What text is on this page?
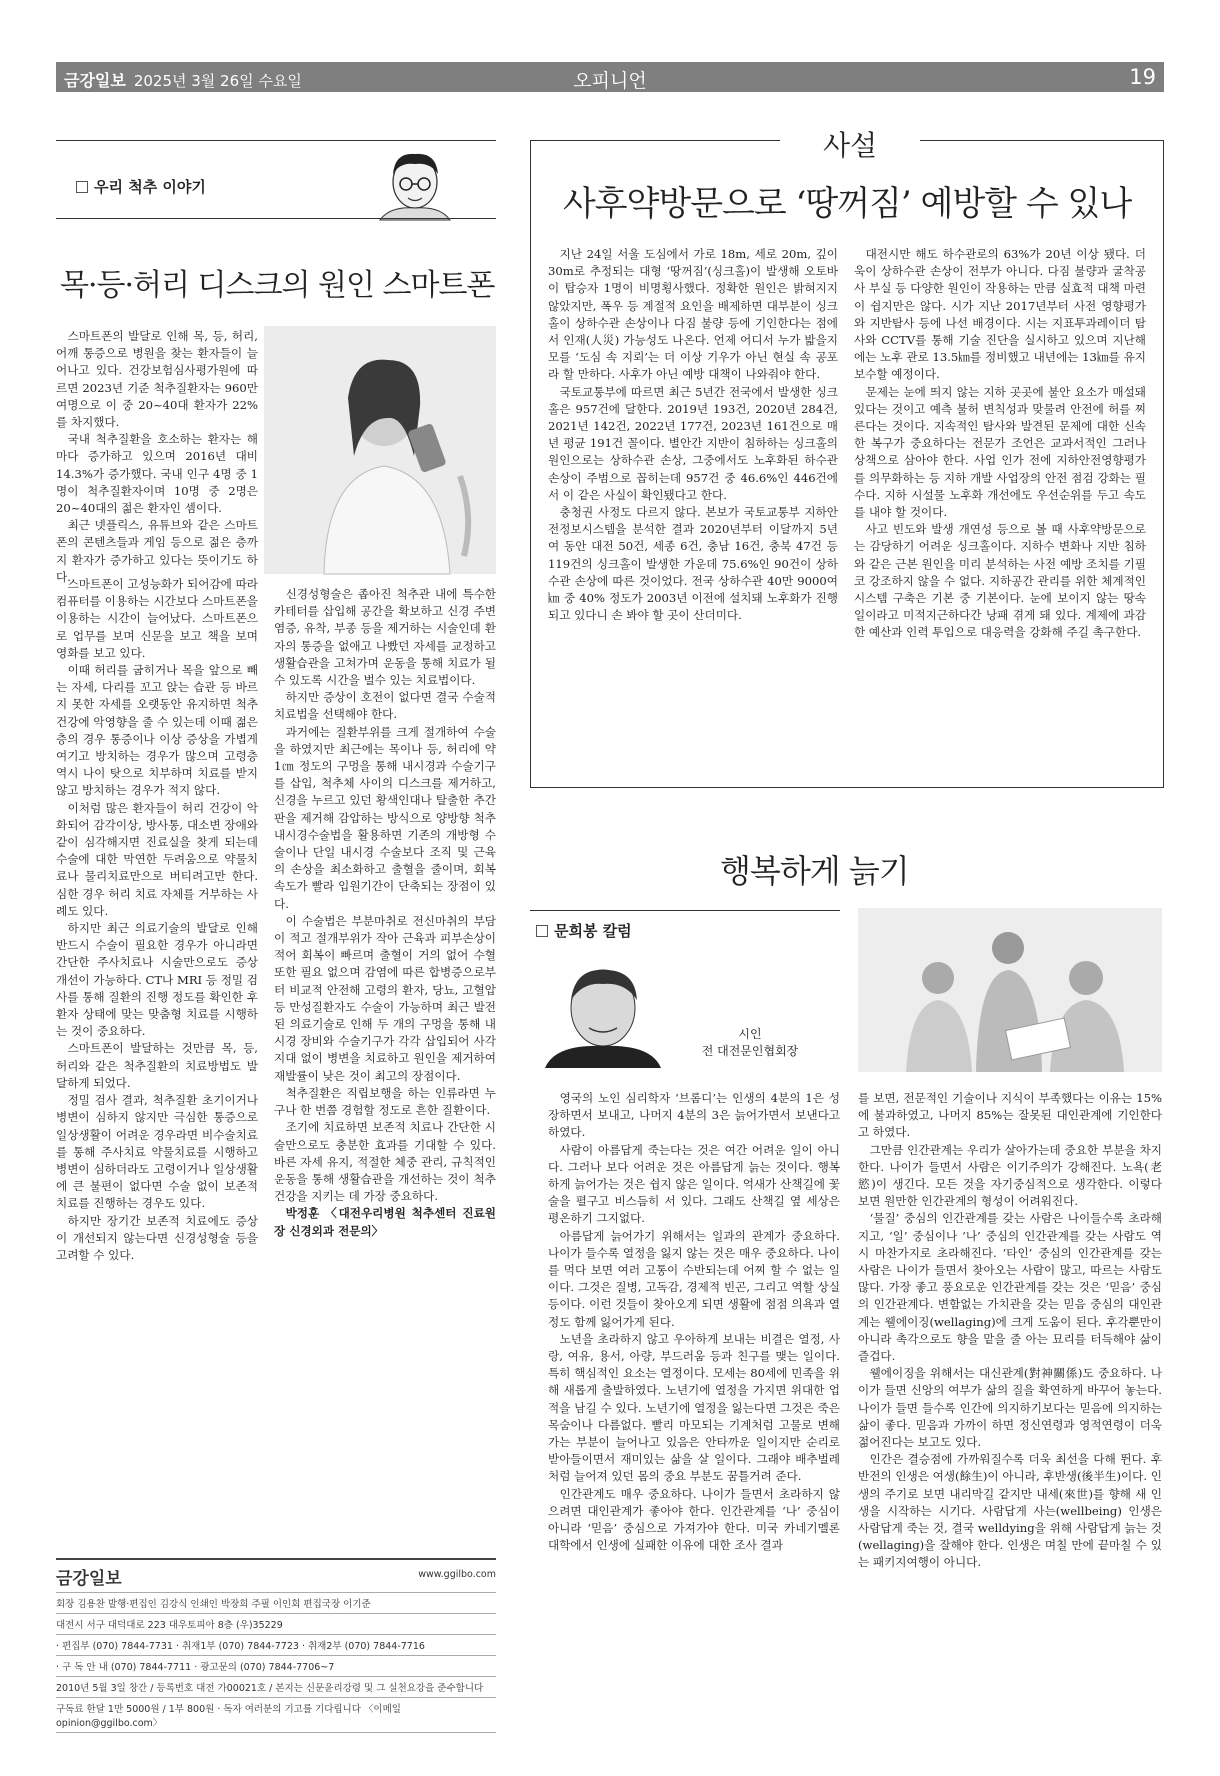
금강일보 2025년 3월 26일 수요일	오피니언	19
우리 척추 이야기
목·등·허리 디스크의 원인 스마트폰

스마트폰의 발달로 인해 목, 등, 허리, 어깨 통증으로 병원을 찾는 환자들이 늘어나고 있다. 건강보험심사평가원에 따르면 2023년 기준 척추질환자는 960만여명으로 이 중 20~40대 환자가 22%를 차지했다.

국내 척추질환을 호소하는 환자는 해마다 증가하고 있으며 2016년 대비 14.3%가 증가했다. 국내 인구 4명 중 1명이 척추질환자이며 10명 중 2명은 20~40대의 젊은 환자인 셈이다.

최근 넷플릭스, 유튜브와 같은 스마트폰의 콘텐츠들과 게임 등으로 젊은 층까지 환자가 증가하고 있다는 뜻이기도 하다.

스마트폰이 고성능화가 되어감에 따라 컴퓨터를 이용하는 시간보다 스마트폰을 이용하는 시간이 늘어났다. 스마트폰으로 업무를 보며 신문을 보고 책을 보며 영화를 보고 있다.

이때 허리를 굽히거나 목을 앞으로 빼는 자세, 다리를 꼬고 앉는 습관 등 바르지 못한 자세를 오랫동안 유지하면 척추 건강에 악영향을 줄 수 있는데 이때 젊은 층의 경우 통증이나 이상 증상을 가볍게 여기고 방치하는 경우가 많으며 고령층 역시 나이 탓으로 치부하며 치료를 받지 않고 방치하는 경우가 적지 않다.

이처럼 많은 환자들이 허리 건강이 악화되어 감각이상, 방사통, 대소변 장애와 같이 심각해지면 진료실을 찾게 되는데 수술에 대한 막연한 두려움으로 약물치료나 물리치료만으로 버티려고만 한다. 심한 경우 허리 치료 자체를 거부하는 사례도 있다.

하지만 최근 의료기술의 발달로 인해 반드시 수술이 필요한 경우가 아니라면 간단한 주사치료나 시술만으로도 증상 개선이 가능하다. CT나 MRI 등 정밀 검사를 통해 질환의 진행 정도를 확인한 후 환자 상태에 맞는 맞춤형 치료를 시행하는 것이 중요하다.

스마트폰이 발달하는 것만큼 목, 등, 허리와 같은 척추질환의 치료방법도 발달하게 되었다.

정밀 검사 결과, 척추질환 초기이거나 병변이 심하지 않지만 극심한 통증으로 일상생활이 어려운 경우라면 비수술치료를 통해 주사치료 약물치료를 시행하고 병변이 심하더라도 고령이거나 일상생활에 큰 불편이 없다면 수술 없이 보존적 치료를 진행하는 경우도 있다.

하지만 장기간 보존적 치료에도 증상이 개선되지 않는다면 신경성형술 등을 고려할 수 있다.

신경성형술은 좁아진 척추관 내에 특수한 카테터를 삽입해 공간을 확보하고 신경 주변 염증, 유착, 부종 등을 제거하는 시술인데 환자의 통증을 없애고 나빴던 자세를 교정하고 생활습관을 고쳐가며 운동을 통해 치료가 될 수 있도록 시간을 벌수 있는 치료법이다.

하지만 증상이 호전이 없다면 결국 수술적 치료법을 선택해야 한다.

과거에는 질환부위를 크게 절개하여 수술을 하였지만 최근에는 목이나 등, 허리에 약 1㎝ 정도의 구멍을 통해 내시경과 수술기구를 삽입, 척추체 사이의 디스크를 제거하고, 신경을 누르고 있던 황색인대나 탈출한 추간판을 제거해 감압하는 방식으로 양방향 척추 내시경수술법을 활용하면 기존의 개방형 수술이나 단일 내시경 수술보다 조직 및 근육의 손상을 최소화하고 출혈을 줄이며, 회복 속도가 빨라 입원기간이 단축되는 장점이 있다.

이 수술법은 부분마취로 전신마취의 부담이 적고 절개부위가 작아 근육과 피부손상이 적어 회복이 빠르며 출혈이 거의 없어 수혈 또한 필요 없으며 감염에 따른 합병증으로부터 비교적 안전해 고령의 환자, 당뇨, 고혈압 등 만성질환자도 수술이 가능하며 최근 발전된 의료기술로 인해 두 개의 구멍을 통해 내시경 장비와 수술기구가 각각 삽입되어 사각지대 없이 병변을 치료하고 원인을 제거하여 재발률이 낮은 것이 최고의 장점이다.

척추질환은 직립보행을 하는 인류라면 누구나 한 번쯤 경험할 정도로 흔한 질환이다.

조기에 치료하면 보존적 치료나 간단한 시술만으로도 충분한 효과를 기대할 수 있다. 바른 자세 유지, 적절한 체중 관리, 규칙적인 운동을 통해 생활습관을 개선하는 것이 척추 건강을 지키는 데 가장 중요하다.

박정훈 〈대전우리병원 척추센터 진료원장 신경외과 전문의〉

금강일보	www.ggilbo.com
회장 김용찬 발행·편집인 김강식 인쇄인 박장희 주필 이인회 편집국장 이기준
대전시 서구 대덕대로 223 대우토피아 8층 (우)35229
· 편집부 (070) 7844-7731 · 취재1부 (070) 7844-7723 · 취재2부 (070) 7844-7716
· 구 독 안 내 (070) 7844-7711 · 광고문의 (070) 7844-7706~7
2010년 5월 3일 창간 / 등록번호 대전 가00021호 / 본지는 신문윤리강령 및 그 실천요강을 준수합니다
구독료 한달 1만 5000원 / 1부 800원 · 독자 여러분의 기고를 기다립니다 〈이메일 opinion@ggilbo.com〉
사설
사후약방문으로 ‘땅꺼짐’ 예방할 수 있나

지난 24일 서울 도심에서 가로 18m, 세로 20m, 깊이 30m로 추정되는 대형 ‘땅꺼짐’(싱크홀)이 발생해 오토바이 탑승자 1명이 비명횡사했다. 정확한 원인은 밝혀지지 않았지만, 폭우 등 계절적 요인을 배제하면 대부분이 싱크홀이 상하수관 손상이나 다짐 불량 등에 기인한다는 점에서 인재(人災) 가능성도 나온다. 언제 어디서 누가 밟을지 모를 ‘도심 속 지뢰’는 더 이상 기우가 아닌 현실 속 공포라 할 만하다. 사후가 아닌 예방 대책이 나와줘야 한다.

국토교통부에 따르면 최근 5년간 전국에서 발생한 싱크홀은 957건에 달한다. 2019년 193건, 2020년 284건, 2021년 142건, 2022년 177건, 2023년 161건으로 매년 평균 191건 꼴이다. 별안간 지반이 침하하는 싱크홀의 원인으로는 상하수관 손상, 그중에서도 노후화된 하수관 손상이 주범으로 꼽히는데 957건 중 46.6%인 446건에서 이 같은 사실이 확인됐다고 한다.

충청권 사정도 다르지 않다. 본보가 국토교통부 지하안전정보시스템을 분석한 결과 2020년부터 이달까지 5년여 동안 대전 50건, 세종 6건, 충남 16건, 충북 47건 등 119건의 싱크홀이 발생한 가운데 75.6%인 90건이 상하수관 손상에 따른 것이었다. 전국 상하수관 40만 9000여㎞ 중 40% 정도가 2003년 이전에 설치돼 노후화가 진행되고 있다니 손 봐야 할 곳이 산더미다.

대전시만 해도 하수관로의 63%가 20년 이상 됐다. 더욱이 상하수관 손상이 전부가 아니다. 다짐 불량과 굴착공사 부실 등 다양한 원인이 작용하는 만큼 실효적 대책 마련이 쉽지만은 않다. 시가 지난 2017년부터 사전 영향평가와 지반탐사 등에 나선 배경이다. 시는 지표투과레이더 탐사와 CCTV를 통해 기술 진단을 실시하고 있으며 지난해에는 노후 관로 13.5㎞를 정비했고 내년에는 13㎞를 유지보수할 예정이다.

문제는 눈에 띄지 않는 지하 곳곳에 불안 요소가 매설돼 있다는 것이고 예측 불허 변칙성과 맞물려 안전에 허를 찌른다는 것이다. 지속적인 탐사와 발견된 문제에 대한 신속한 복구가 중요하다는 전문가 조언은 교과서적인 그러나 상책으로 삼아야 한다. 사업 인가 전에 지하안전영향평가를 의무화하는 등 지하 개발 사업장의 안전 점검 강화는 필수다. 지하 시설물 노후화 개선에도 우선순위를 두고 속도를 내야 할 것이다.

사고 빈도와 발생 개연성 등으로 볼 때 사후약방문으로는 감당하기 어려운 싱크홀이다. 지하수 변화나 지반 침하와 같은 근본 원인을 미리 분석하는 사전 예방 조치를 기필코 강조하지 않을 수 없다. 지하공간 관리를 위한 체계적인 시스템 구축은 기본 중 기본이다. 눈에 보이지 않는 땅속 일이라고 미적지근하다간 낭패 겪게 돼 있다. 계제에 과감한 예산과 인력 투입으로 대응력을 강화해 주길 촉구한다.

행복하게 늙기
문희봉 칼럼
시인
전 대전문인협회장

영국의 노인 심리학자 ‘브롬디’는 인생의 4분의 1은 성장하면서 보내고, 나머지 4분의 3은 늙어가면서 보낸다고 하였다.

사람이 아름답게 죽는다는 것은 여간 어려운 일이 아니다. 그러나 보다 어려운 것은 아름답게 늙는 것이다. 행복하게 늙어가는 것은 쉽지 않은 일이다. 억새가 산책길에 꽃술을 펼구고 비스듬히 서 있다. 그래도 산책길 옆 세상은 평온하기 그지없다.

아름답게 늙어가기 위해서는 일과의 관계가 중요하다. 나이가 들수록 열정을 잃지 않는 것은 매우 중요하다. 나이를 먹다 보면 여러 고통이 수반되는데 어찌 할 수 없는 일이다. 그것은 질병, 고독감, 경제적 빈곤, 그리고 역할 상실 등이다. 이런 것들이 찾아오게 되면 생활에 점점 의욕과 열정도 함께 잃어가게 된다.

노년을 초라하지 않고 우아하게 보내는 비결은 열정, 사랑, 여유, 용서, 아량, 부드러움 등과 친구를 맺는 일이다. 특히 핵심적인 요소는 열정이다. 모세는 80세에 민족을 위해 새롭게 출발하였다. 노년기에 열정을 가지면 위대한 업적을 남길 수 있다. 노년기에 열정을 잃는다면 그것은 죽은 목숨이나 다름없다. 빨리 마모되는 기계처럼 고물로 변해가는 부분이 늘어나고 있음은 안타까운 일이지만 순리로 받아들이면서 재미있는 삶을 살 일이다. 그래야 배추벌레처럼 늘어져 있던 몸의 중요 부분도 꿈틀거려 준다.

인간관계도 매우 중요하다. 나이가 들면서 초라하지 않으려면 대인관계가 좋아야 한다. 인간관계를 ‘나’ 중심이 아니라 ‘믿음’ 중심으로 가져가야 한다. 미국 카네기멜론 대학에서 인생에 실패한 이유에 대한 조사 결과

를 보면, 전문적인 기술이나 지식이 부족했다는 이유는 15%에 불과하였고, 나머지 85%는 잘못된 대인관계에 기인한다고 하였다.

그만큼 인간관계는 우리가 살아가는데 중요한 부분을 차지한다. 나이가 들면서 사람은 이기주의가 강해진다. 노욕(老慾)이 생긴다. 모든 것을 자기중심적으로 생각한다. 이렇다 보면 원만한 인간관계의 형성이 어려워진다.

‘물질’ 중심의 인간관계를 갖는 사람은 나이들수록 초라해지고, ‘일’ 중심이나 ‘나’ 중심의 인간관계를 갖는 사람도 역시 마찬가지로 초라해진다. ‘타인’ 중심의 인간관계를 갖는 사람은 나이가 들면서 찾아오는 사람이 많고, 따르는 사람도 많다. 가장 좋고 풍요로운 인간관계를 갖는 것은 ‘믿음’ 중심의 인간관계다. 변함없는 가치관을 갖는 믿음 중심의 대인관계는 웰에이징(wellaging)에 크게 도움이 된다. 후각뿐만이 아니라 촉각으로도 향을 맡을 줄 아는 묘리를 터득해야 삶이 즐겁다.

웰에이징을 위해서는 대신관계(對神關係)도 중요하다. 나이가 들면 신앙의 여부가 삶의 질을 확연하게 바꾸어 놓는다. 나이가 들면 들수록 인간에 의지하기보다는 믿음에 의지하는 삶이 좋다. 믿음과 가까이 하면 정신연령과 영적연령이 더욱 젊어진다는 보고도 있다.

인간은 결승점에 가까워질수록 더욱 최선을 다해 뛴다. 후반전의 인생은 여생(餘生)이 아니라, 후반생(後半生)이다. 인생의 주기로 보면 내리막길 같지만 내세(來世)를 향해 새 인생을 시작하는 시기다. 사람답게 사는(wellbeing) 인생은 사람답게 죽는 것, 결국 welldying을 위해 사람답게 늙는 것(wellaging)을 잘해야 한다. 인생은 며칠 만에 끝마칠 수 있는 패키지여행이 아니다.
